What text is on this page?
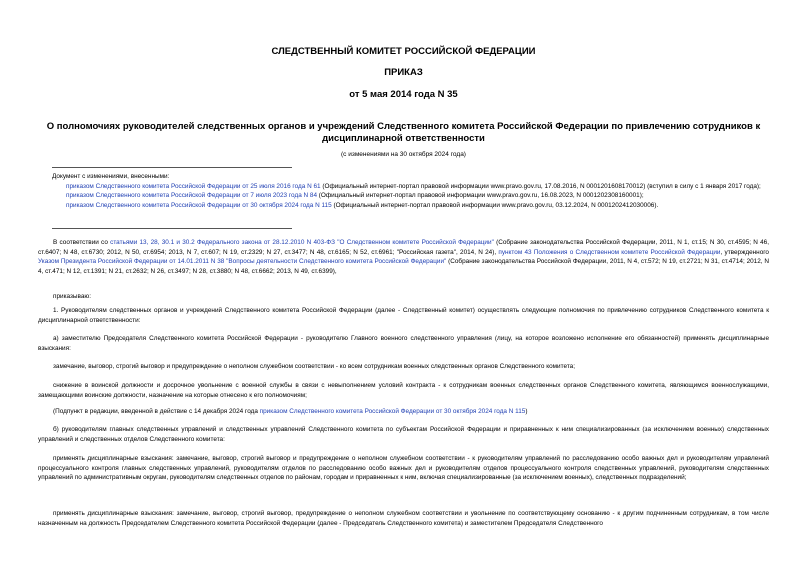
СЛЕДСТВЕННЫЙ КОМИТЕТ РОССИЙСКОЙ ФЕДЕРАЦИИ
ПРИКАЗ
от 5 мая 2014 года N 35
О полномочиях руководителей следственных органов и учреждений Следственного комитета Российской Федерации по привлечению сотрудников к дисциплинарной ответственности
(с изменениями на 30 октября 2024 года)
Документ с изменениями, внесенными:
приказом Следственного комитета Российской Федерации от 25 июля 2016 года N 61 (Официальный интернет-портал правовой информации www.pravo.gov.ru, 17.08.2016, N 0001201608170012) (вступил в силу с 1 января 2017 года);
приказом Следственного комитета Российской Федерации от 7 июля 2023 года N 84 (Официальный интернет-портал правовой информации www.pravo.gov.ru, 16.08.2023, N 0001202308160001);
приказом Следственного комитета Российской Федерации от 30 октября 2024 года N 115 (Официальный интернет-портал правовой информации www.pravo.gov.ru, 03.12.2024, N 0001202412030006).
В соответствии со статьями 13, 28, 30.1 и 30.2 Федерального закона от 28.12.2010 N 403-ФЗ "О Следственном комитете Российской Федерации" (Собрание законодательства Российской Федерации, 2011, N 1, ст.15; N 30, ст.4595; N 46, ст.6407; N 48, ст.6730; 2012, N 50, ст.6954; 2013, N 7, ст.607; N 19, ст.2329; N 27, ст.3477; N 48, ст.6165; N 52, ст.6961; "Российская газета", 2014, N 24), пунктом 43 Положения о Следственном комитете Российской Федерации, утвержденного Указом Президента Российской Федерации от 14.01.2011 N 38 "Вопросы деятельности Следственного комитета Российской Федерации" (Собрание законодательства Российской Федерации, 2011, N 4, ст.572; N 19, ст.2721; N 31, ст.4714; 2012, N 4, ст.471; N 12, ст.1391; N 21, ст.2632; N 26, ст.3497; N 28, ст.3880; N 48, ст.6662; 2013, N 49, ст.6399),
приказываю:
1. Руководителям следственных органов и учреждений Следственного комитета Российской Федерации (далее - Следственный комитет) осуществлять следующие полномочия по привлечению сотрудников Следственного комитета к дисциплинарной ответственности:
а) заместителю Председателя Следственного комитета Российской Федерации - руководителю Главного военного следственного управления (лицу, на которое возложено исполнение его обязанностей) применять дисциплинарные взыскания:
замечание, выговор, строгий выговор и предупреждение о неполном служебном соответствии - ко всем сотрудникам военных следственных органов Следственного комитета;
снижение в воинской должности и досрочное увольнение с военной службы в связи с невыполнением условий контракта - к сотрудникам военных следственных органов Следственного комитета, являющимся военнослужащими, замещающими воинские должности, назначение на которые отнесено к его полномочиям;
(Подпункт в редакции, введенной в действие с 14 декабря 2024 года приказом Следственного комитета Российской Федерации от 30 октября 2024 года N 115)
б) руководителям главных следственных управлений и следственных управлений Следственного комитета по субъектам Российской Федерации и приравненных к ним специализированных (за исключением военных) следственных управлений и следственных отделов Следственного комитета:
применять дисциплинарные взыскания: замечание, выговор, строгий выговор и предупреждение о неполном служебном соответствии - к руководителям управлений по расследованию особо важных дел и руководителям управлений процессуального контроля главных следственных управлений, руководителям отделов по расследованию особо важных дел и руководителям отделов процессуального контроля следственных управлений, руководителям следственных управлений по административным округам, руководителям следственных отделов по районам, городам и приравненных к ним, включая специализированные (за исключением военных), следственных подразделений;
применять дисциплинарные взыскания: замечание, выговор, строгий выговор, предупреждение о неполном служебном соответствии и увольнение по соответствующему основанию - к другим подчиненным сотрудникам, в том числе назначенным на должность Председателем Следственного комитета Российской Федерации (далее - Председатель Следственного комитета) и заместителем Председателя Следственного
